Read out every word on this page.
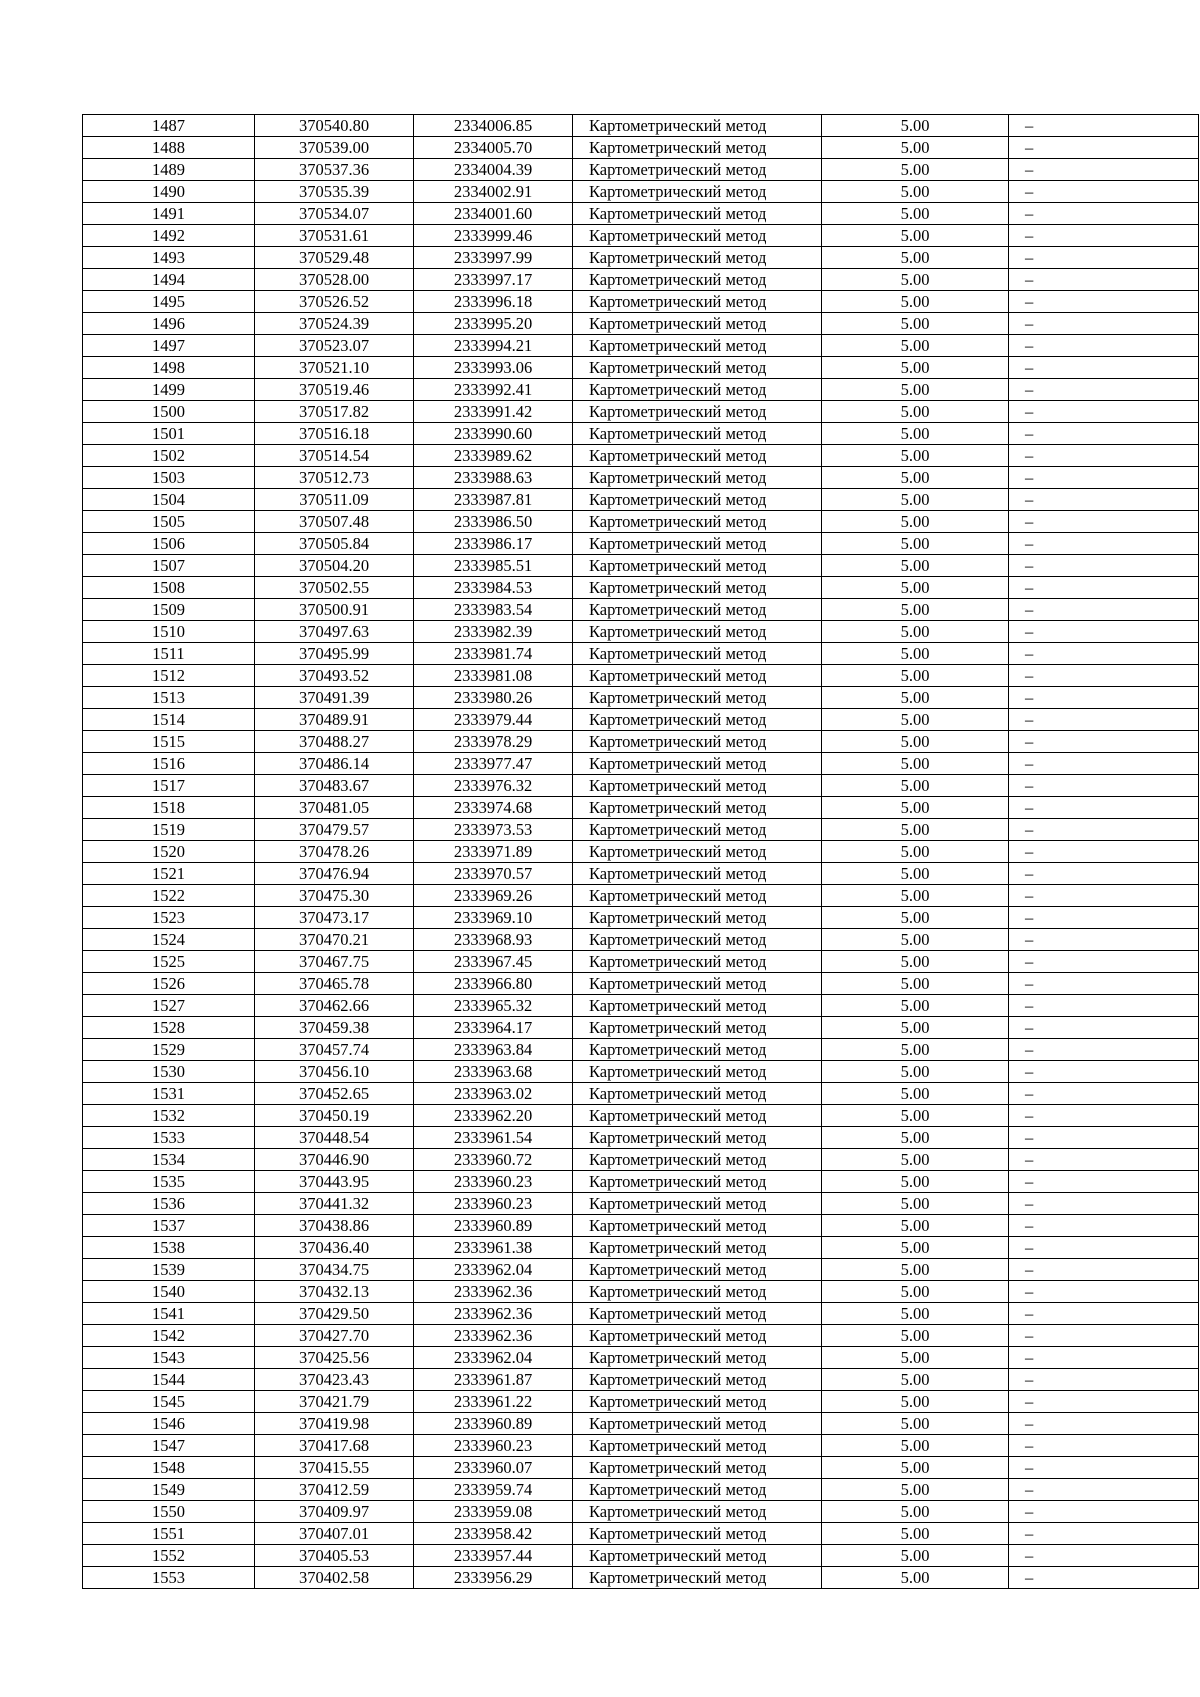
1487	370540.80	2334006.85	Картометрический метод	5.00	–
1488	370539.00	2334005.70	Картометрический метод	5.00	–
1489	370537.36	2334004.39	Картометрический метод	5.00	–
1490	370535.39	2334002.91	Картометрический метод	5.00	–
1491	370534.07	2334001.60	Картометрический метод	5.00	–
1492	370531.61	2333999.46	Картометрический метод	5.00	–
1493	370529.48	2333997.99	Картометрический метод	5.00	–
1494	370528.00	2333997.17	Картометрический метод	5.00	–
1495	370526.52	2333996.18	Картометрический метод	5.00	–
1496	370524.39	2333995.20	Картометрический метод	5.00	–
1497	370523.07	2333994.21	Картометрический метод	5.00	–
1498	370521.10	2333993.06	Картометрический метод	5.00	–
1499	370519.46	2333992.41	Картометрический метод	5.00	–
1500	370517.82	2333991.42	Картометрический метод	5.00	–
1501	370516.18	2333990.60	Картометрический метод	5.00	–
1502	370514.54	2333989.62	Картометрический метод	5.00	–
1503	370512.73	2333988.63	Картометрический метод	5.00	–
1504	370511.09	2333987.81	Картометрический метод	5.00	–
1505	370507.48	2333986.50	Картометрический метод	5.00	–
1506	370505.84	2333986.17	Картометрический метод	5.00	–
1507	370504.20	2333985.51	Картометрический метод	5.00	–
1508	370502.55	2333984.53	Картометрический метод	5.00	–
1509	370500.91	2333983.54	Картометрический метод	5.00	–
1510	370497.63	2333982.39	Картометрический метод	5.00	–
1511	370495.99	2333981.74	Картометрический метод	5.00	–
1512	370493.52	2333981.08	Картометрический метод	5.00	–
1513	370491.39	2333980.26	Картометрический метод	5.00	–
1514	370489.91	2333979.44	Картометрический метод	5.00	–
1515	370488.27	2333978.29	Картометрический метод	5.00	–
1516	370486.14	2333977.47	Картометрический метод	5.00	–
1517	370483.67	2333976.32	Картометрический метод	5.00	–
1518	370481.05	2333974.68	Картометрический метод	5.00	–
1519	370479.57	2333973.53	Картометрический метод	5.00	–
1520	370478.26	2333971.89	Картометрический метод	5.00	–
1521	370476.94	2333970.57	Картометрический метод	5.00	–
1522	370475.30	2333969.26	Картометрический метод	5.00	–
1523	370473.17	2333969.10	Картометрический метод	5.00	–
1524	370470.21	2333968.93	Картометрический метод	5.00	–
1525	370467.75	2333967.45	Картометрический метод	5.00	–
1526	370465.78	2333966.80	Картометрический метод	5.00	–
1527	370462.66	2333965.32	Картометрический метод	5.00	–
1528	370459.38	2333964.17	Картометрический метод	5.00	–
1529	370457.74	2333963.84	Картометрический метод	5.00	–
1530	370456.10	2333963.68	Картометрический метод	5.00	–
1531	370452.65	2333963.02	Картометрический метод	5.00	–
1532	370450.19	2333962.20	Картометрический метод	5.00	–
1533	370448.54	2333961.54	Картометрический метод	5.00	–
1534	370446.90	2333960.72	Картометрический метод	5.00	–
1535	370443.95	2333960.23	Картометрический метод	5.00	–
1536	370441.32	2333960.23	Картометрический метод	5.00	–
1537	370438.86	2333960.89	Картометрический метод	5.00	–
1538	370436.40	2333961.38	Картометрический метод	5.00	–
1539	370434.75	2333962.04	Картометрический метод	5.00	–
1540	370432.13	2333962.36	Картометрический метод	5.00	–
1541	370429.50	2333962.36	Картометрический метод	5.00	–
1542	370427.70	2333962.36	Картометрический метод	5.00	–
1543	370425.56	2333962.04	Картометрический метод	5.00	–
1544	370423.43	2333961.87	Картометрический метод	5.00	–
1545	370421.79	2333961.22	Картометрический метод	5.00	–
1546	370419.98	2333960.89	Картометрический метод	5.00	–
1547	370417.68	2333960.23	Картометрический метод	5.00	–
1548	370415.55	2333960.07	Картометрический метод	5.00	–
1549	370412.59	2333959.74	Картометрический метод	5.00	–
1550	370409.97	2333959.08	Картометрический метод	5.00	–
1551	370407.01	2333958.42	Картометрический метод	5.00	–
1552	370405.53	2333957.44	Картометрический метод	5.00	–
1553	370402.58	2333956.29	Картометрический метод	5.00	–
